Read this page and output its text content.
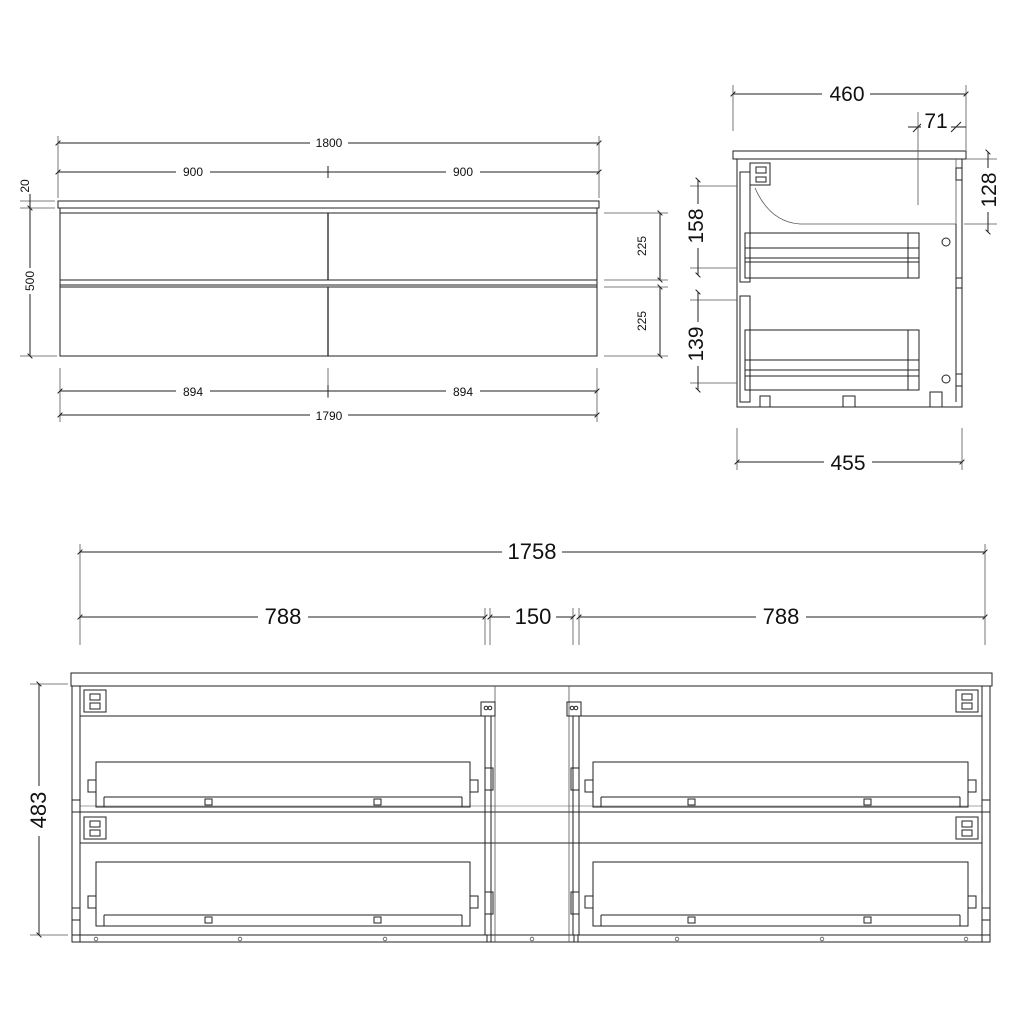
1800
900	900
894	894
1790
20
500
225
225
460
71
128
158
139
455
1758
788	150	788
483
